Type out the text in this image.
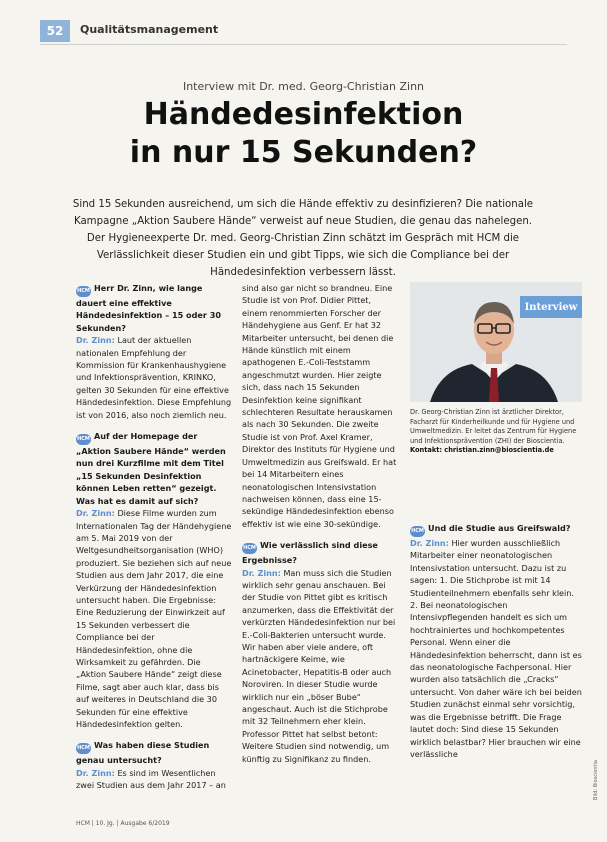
52	Qualitätsmanagement
Interview mit Dr. med. Georg-Christian Zinn
Händedesinfektion
in nur 15 Sekunden?
Sind 15 Sekunden ausreichend, um sich die Hände effektiv zu desinfizieren? Die nationale Kampagne „Aktion Saubere Hände“ verweist auf neue Studien, die genau das nahelegen. Der Hygieneexperte Dr. med. Georg-Christian Zinn schätzt im Gespräch mit HCM die Verlässlichkeit dieser Studien ein und gibt Tipps, wie sich die Compliance bei der Händedesinfektion verbessern lässt.

HCM Herr Dr. Zinn, wie lange dauert eine effektive Händedesinfektion – 15 oder 30 Sekunden?

Dr. Zinn: Laut der aktuellen nationalen Empfehlung der Kommission für Krankenhaushygiene und Infektionsprävention, KRINKO, gelten 30 Sekunden für eine effektive Händedesinfektion. Diese Empfehlung ist von 2016, also noch ziemlich neu.

HCM Auf der Homepage der „Aktion Saubere Hände“ werden nun drei Kurzfilme mit dem Titel „15 Sekunden Desinfektion können Leben retten“ gezeigt. Was hat es damit auf sich?

Dr. Zinn: Diese Filme wurden zum Internationalen Tag der Händehygiene am 5. Mai 2019 von der Weltgesundheitsorganisation (WHO) produziert. Sie beziehen sich auf neue Studien aus dem Jahr 2017, die eine Verkürzung der Händedesinfektion untersucht haben. Die Ergebnisse: Eine Reduzierung der Einwirkzeit auf 15 Sekunden verbessert die Compliance bei der Händedesinfektion, ohne die Wirksamkeit zu gefährden. Die „Aktion Saubere Hände“ zeigt diese Filme, sagt aber auch klar, dass bis auf weiteres in Deutschland die 30 Sekunden für eine effektive Händedesinfektion gelten.

HCM Was haben diese Studien genau untersucht?

Dr. Zinn: Es sind im Wesentlichen zwei Studien aus dem Jahr 2017 – an

sind also gar nicht so brandneu. Eine Studie ist von Prof. Didier Pittet, einem renommierten Forscher der Händehygiene aus Genf. Er hat 32 Mitarbeiter untersucht, bei denen die Hände künstlich mit einem apathogenen E.-Coli-Teststamm angeschmutzt wurden. Hier zeigte sich, dass nach 15 Sekunden Desinfektion keine signifikant schlechteren Resultate herauskamen als nach 30 Sekunden. Die zweite Studie ist von Prof. Axel Kramer, Direktor des Instituts für Hygiene und Umweltmedizin aus Greifswald. Er hat bei 14 Mitarbeitern eines neonatologischen Intensivstation nachweisen können, dass eine 15-sekündige Händedesinfektion ebenso effektiv ist wie eine 30-sekündige.

HCM Wie verlässlich sind diese Ergebnisse?

Dr. Zinn: Man muss sich die Studien wirklich sehr genau anschauen. Bei der Studie von Pittet gibt es kritisch anzumerken, dass die Effektivität der verkürzten Händedesinfektion nur bei E.-Coli-Bakterien untersucht wurde. Wir haben aber viele andere, oft hartnäckigere Keime, wie Acinetobacter, Hepatitis-B oder auch Noroviren. In dieser Studie wurde wirklich nur ein „böser Bube“ angeschaut. Auch ist die Stichprobe mit 32 Teilnehmern eher klein. Professor Pittet hat selbst betont: Weitere Studien sind notwendig, um künftig zu Signifikanz zu finden.

Interview
Dr. Georg-Christian Zinn ist ärztlicher Direktor, Facharzt für Kinderheilkunde und für Hygiene und Umweltmedizin. Er leitet das Zentrum für Hygiene und Infektionsprävention (ZHI) der Bioscientia. Kontakt: christian.zinn@bioscientia.de

HCM Und die Studie aus Greifswald?

Dr. Zinn: Hier wurden ausschließlich Mitarbeiter einer neonatologischen Intensivstation untersucht. Dazu ist zu sagen: 1. Die Stichprobe ist mit 14 Studienteilnehmern ebenfalls sehr klein. 2. Bei neonatologischen Intensivpflegenden handelt es sich um hochtrainiertes und hochkompetentes Personal. Wenn einer die Händedesinfektion beherrscht, dann ist es das neonatologische Fachpersonal. Hier wurden also tatsächlich die „Cracks“ untersucht. Von daher wäre ich bei beiden Studien zunächst einmal sehr vorsichtig, was die Ergebnisse betrifft. Die Frage lautet doch: Sind diese 15 Sekunden wirklich belastbar? Hier brauchen wir eine verlässliche

Bild: Bioscientia
HCM | 10. Jg. | Ausgabe 6/2019
